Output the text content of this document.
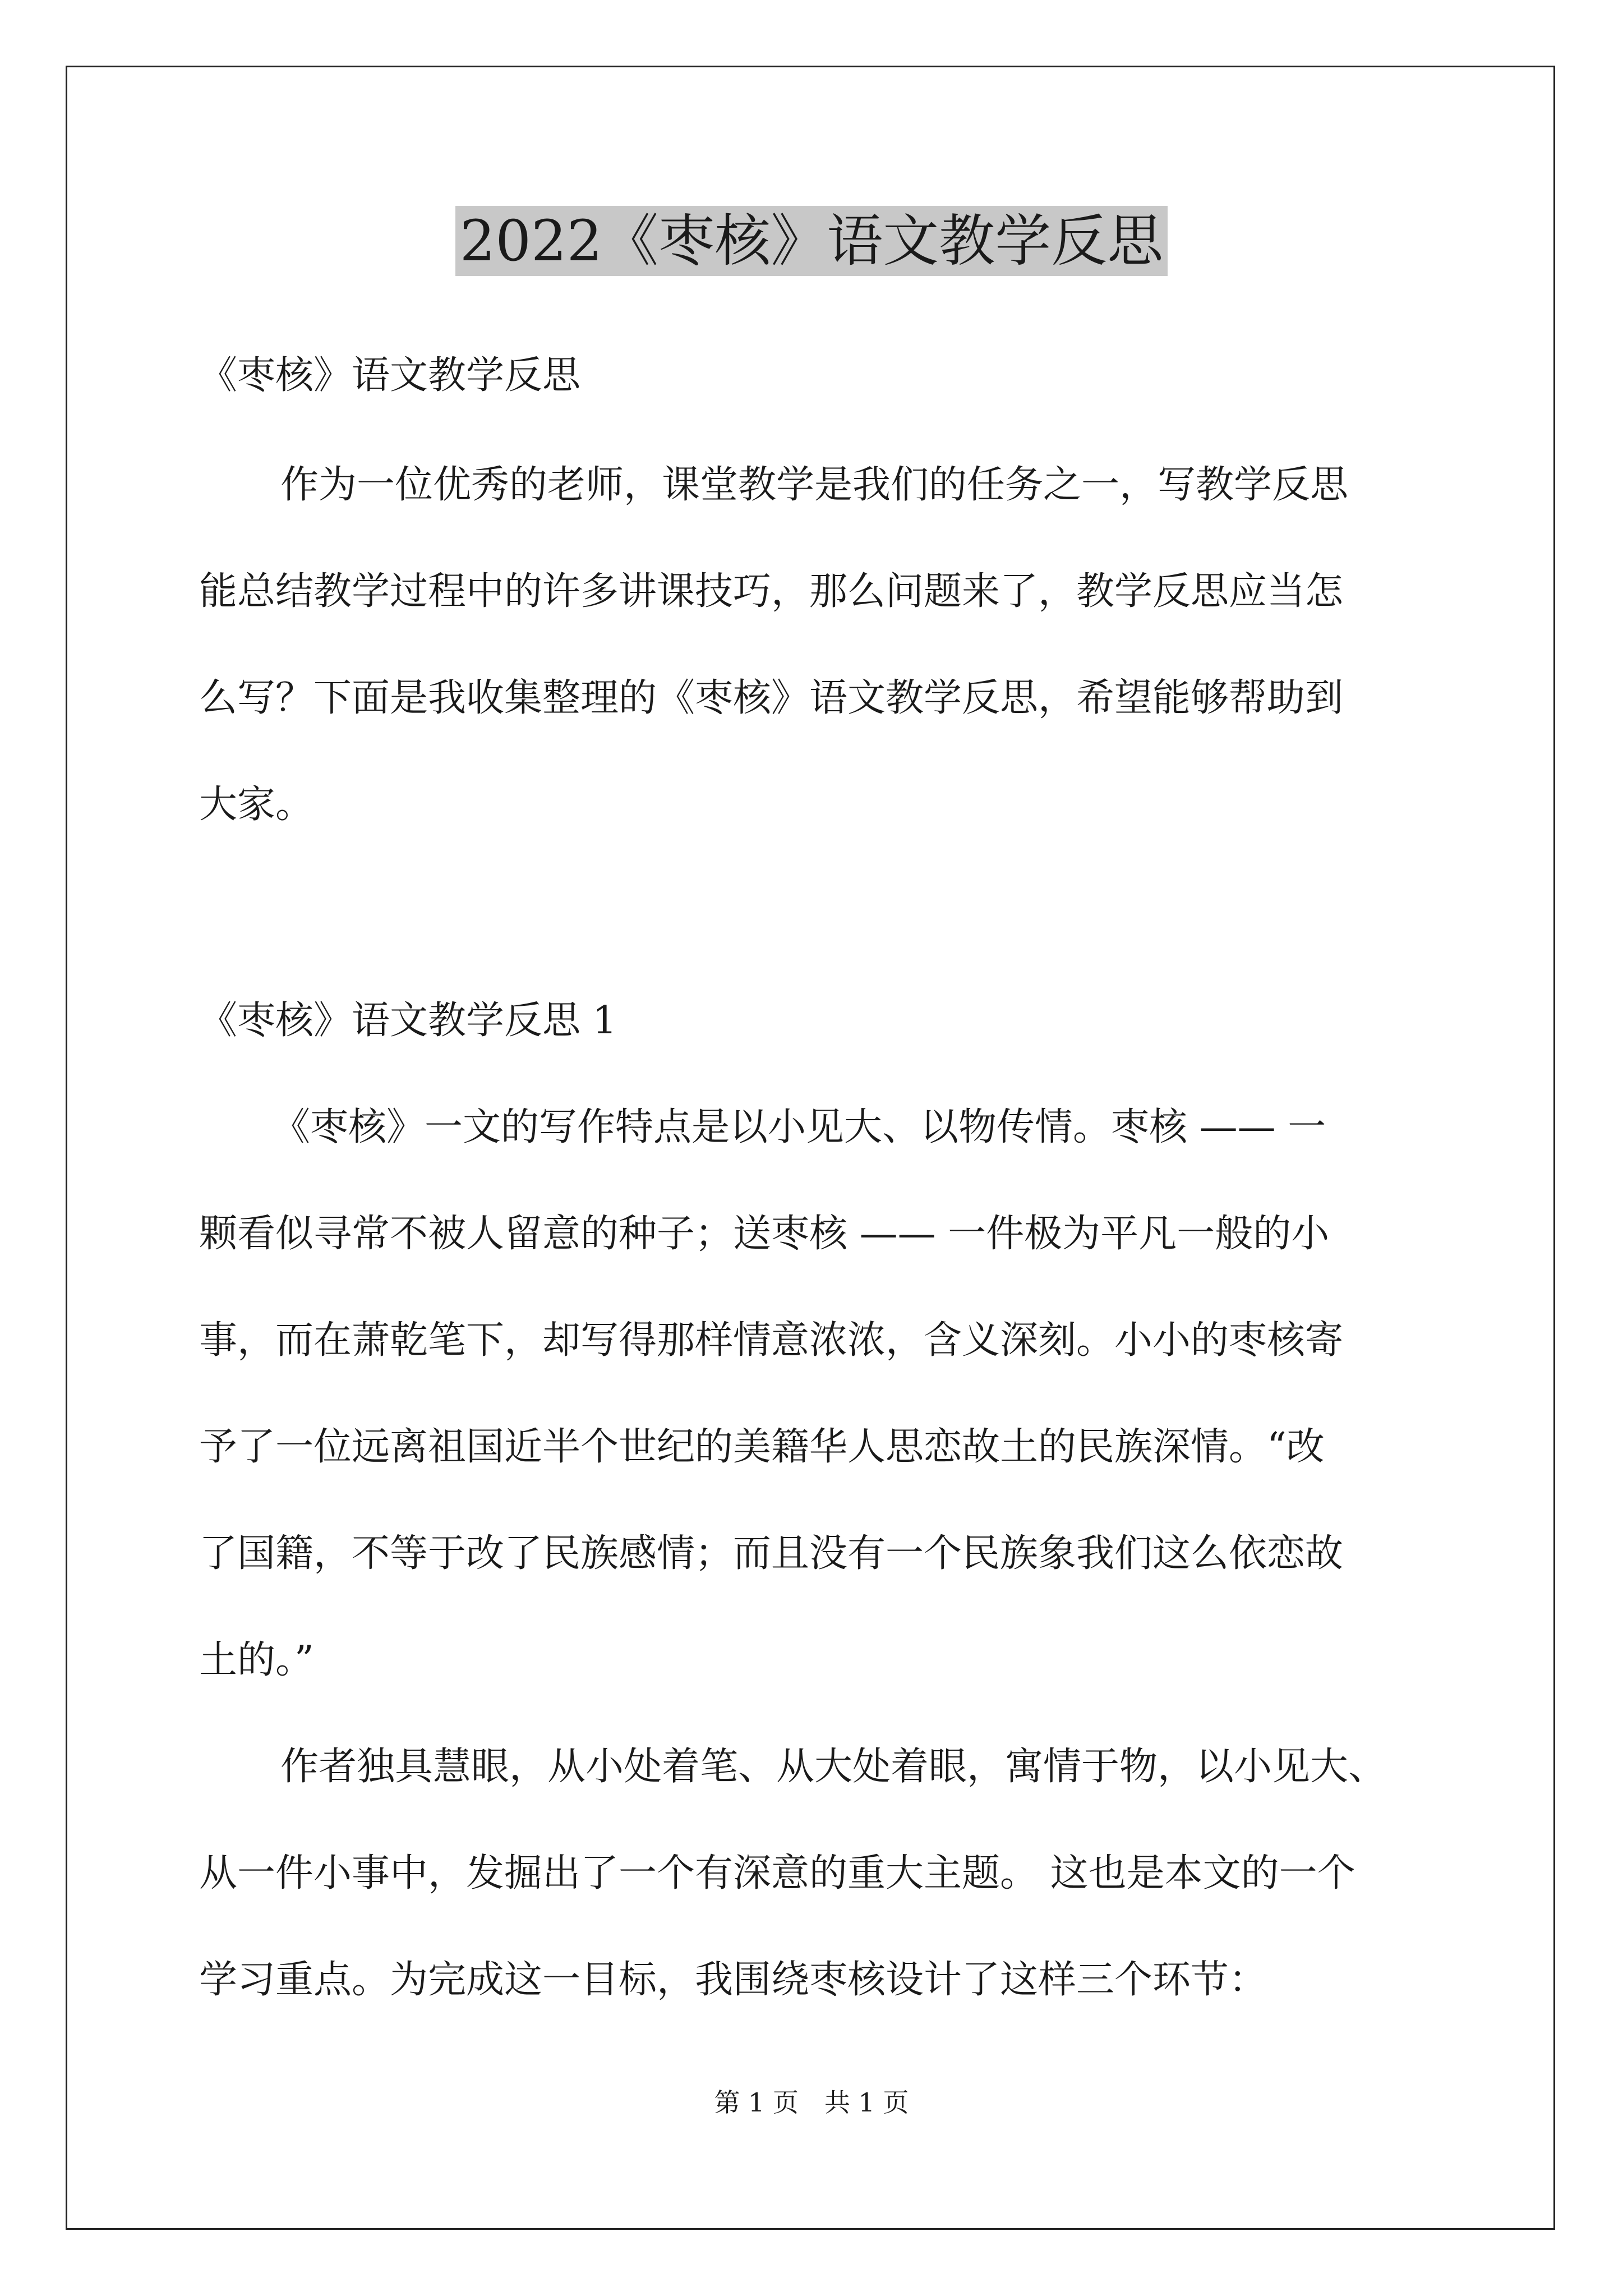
2022《枣核》语文教学反思
《枣核》语文教学反思
作为一位优秀的老师，课堂教学是我们的任务之一，写教学反思
能总结教学过程中的许多讲课技巧，那么问题来了，教学反思应当怎
么写？下面是我收集整理的《枣核》语文教学反思，希望能够帮助到
大家。
《枣核》语文教学反思 1
《枣核》一文的写作特点是以小见大、以物传情。枣核 —— 一
颗看似寻常不被人留意的种子；送枣核 —— 一件极为平凡一般的小
事，而在萧乾笔下，却写得那样情意浓浓，含义深刻。小小的枣核寄
予了一位远离祖国近半个世纪的美籍华人思恋故土的民族深情。“改
了国籍，不等于改了民族感情；而且没有一个民族象我们这么依恋故
土的。”
作者独具慧眼，从小处着笔、从大处着眼，寓情于物，以小见大、
从一件小事中，发掘出了一个有深意的重大主题。 这也是本文的一个
学习重点。为完成这一目标，我围绕枣核设计了这样三个环节：
第 1 页　共 1 页
